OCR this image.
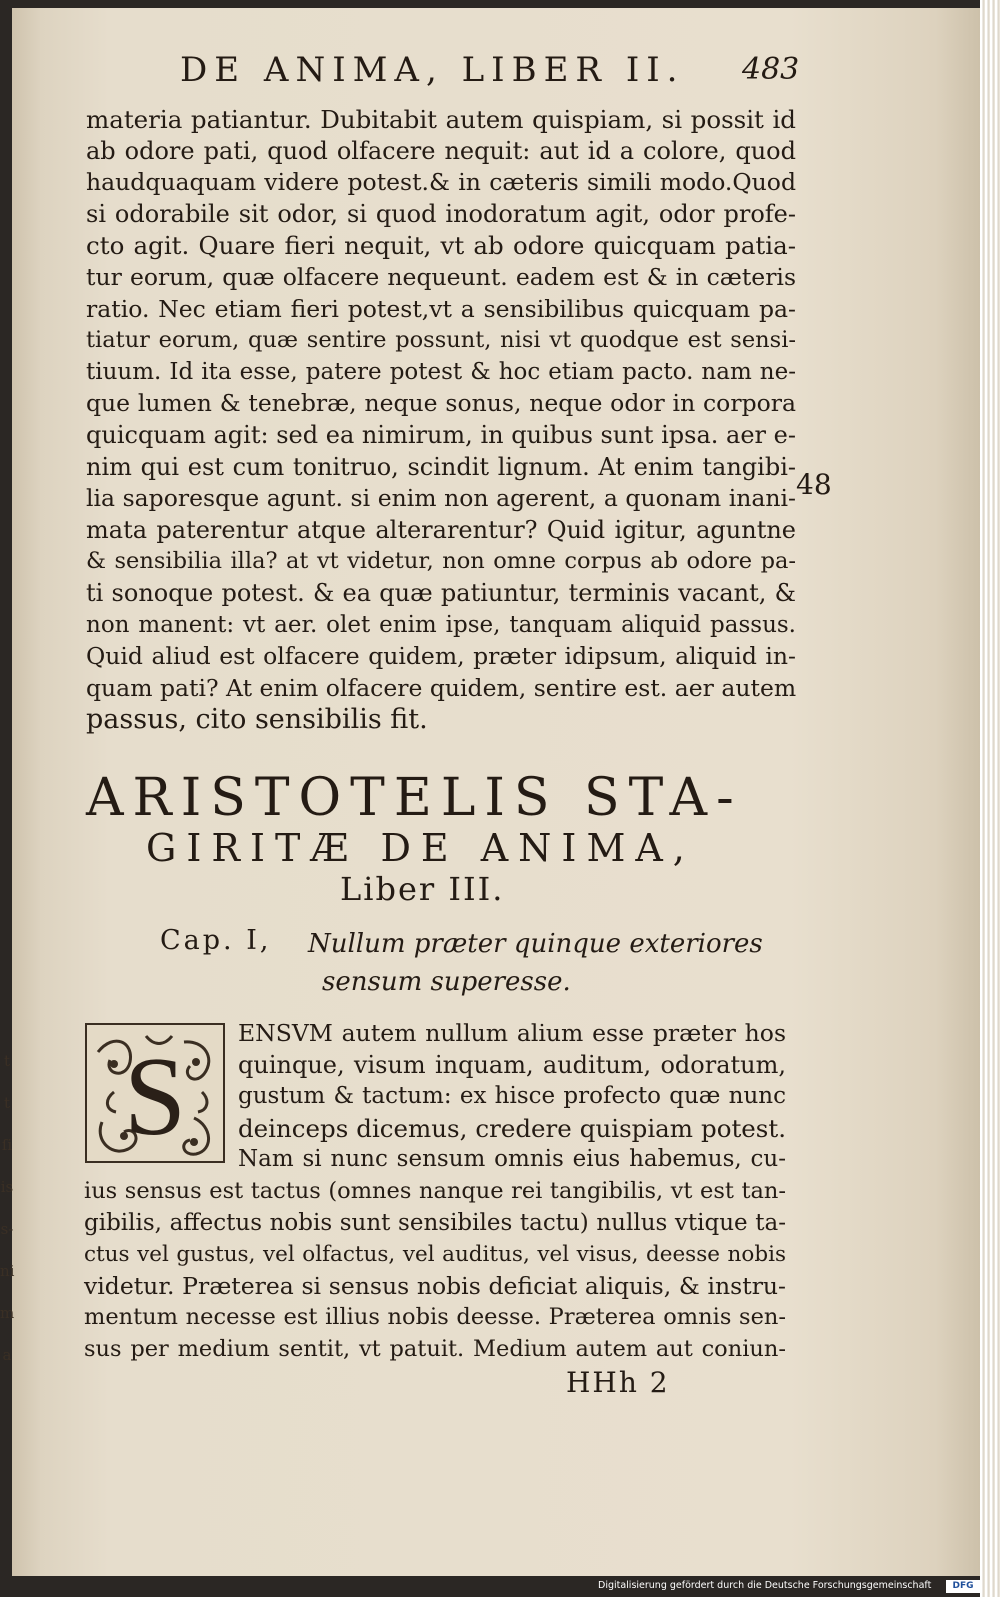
t
t
ſi
is
s-
ni
m
a
DE ANIMA, LIBER II.	483
materia patiantur. Dubitabit autem quispiam, si possit id
ab odore pati, quod olfacere nequit: aut id a colore, quod
haudquaquam videre potest.& in cæteris simili modo.Quod
si odorabile sit odor, si quod inodoratum agit, odor profe-
cto agit. Quare fieri nequit, vt ab odore quicquam patia-
tur eorum, quæ olfacere nequeunt. eadem est & in cæteris
ratio. Nec etiam fieri potest,vt a sensibilibus quicquam pa-
tiatur eorum, quæ sentire possunt, nisi vt quodque est sensi-
tiuum. Id ita esse, patere potest & hoc etiam pacto. nam ne-
que lumen & tenebræ, neque sonus, neque odor in corpora
quicquam agit: sed ea nimirum, in quibus sunt ipsa. aer e-
nim qui est cum tonitruo, scindit lignum. At enim tangibi-
lia saporesque agunt. si enim non agerent, a quonam inani-
mata paterentur atque alterarentur? Quid igitur, aguntne
& sensibilia illa? at vt videtur, non omne corpus ab odore pa-
ti sonoque potest. & ea quæ patiuntur, terminis vacant, &
non manent: vt aer. olet enim ipse, tanquam aliquid passus.
Quid aliud est olfacere quidem, præter idipsum, aliquid in-
quam pati? At enim olfacere quidem, sentire est. aer autem
passus, cito sensibilis fit.
48
ARISTOTELIS STA-
GIRITÆ DE ANIMA,
Liber III.
Cap. I, Nullum præter quinque exteriores
sensum superesse.
S
ENSVM autem nullum alium esse præter hos
quinque, visum inquam, auditum, odoratum,
gustum & tactum: ex hisce profecto quæ nunc
deinceps dicemus, credere quispiam potest.
Nam si nunc sensum omnis eius habemus, cu-
ius sensus est tactus (omnes nanque rei tangibilis, vt est tan-
gibilis, affectus nobis sunt sensibiles tactu) nullus vtique ta-
ctus vel gustus, vel olfactus, vel auditus, vel visus, deesse nobis
videtur. Præterea si sensus nobis deficiat aliquis, & instru-
mentum necesse est illius nobis deesse. Præterea omnis sen-
sus per medium sentit, vt patuit. Medium autem aut coniun-
HHh 2
Digitalisierung gefördert durch die Deutsche Forschungsgemeinschaft	DFG
